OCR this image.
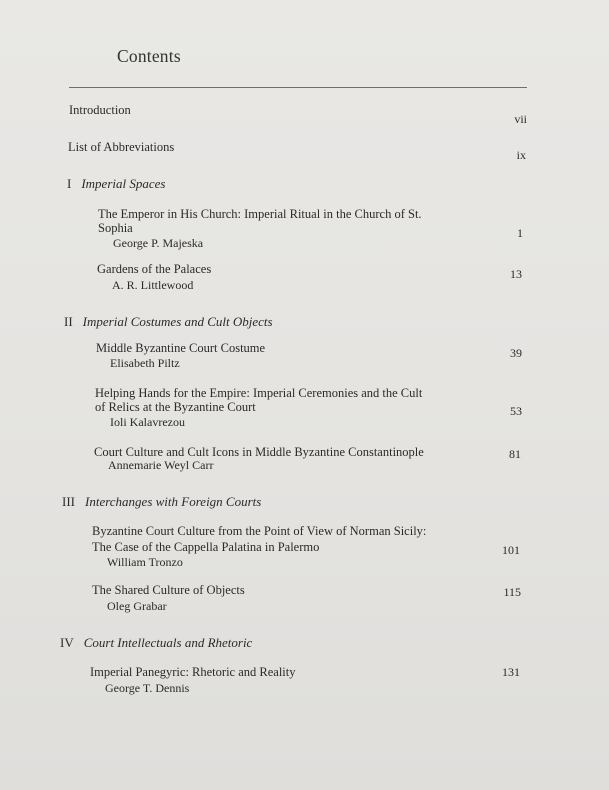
Contents
Introduction
vii
List of Abbreviations
ix
I Imperial Spaces
The Emperor in His Church: Imperial Ritual in the Church of St.
Sophia
George P. Majeska
1
Gardens of the Palaces
A. R. Littlewood
13
II Imperial Costumes and Cult Objects
Middle Byzantine Court Costume
Elisabeth Piltz
39
Helping Hands for the Empire: Imperial Ceremonies and the Cult
of Relics at the Byzantine Court
Ioli Kalavrezou
53
Court Culture and Cult Icons in Middle Byzantine Constantinople
Annemarie Weyl Carr
81
III Interchanges with Foreign Courts
Byzantine Court Culture from the Point of View of Norman Sicily:
The Case of the Cappella Palatina in Palermo
William Tronzo
101
The Shared Culture of Objects
Oleg Grabar
115
IV Court Intellectuals and Rhetoric
Imperial Panegyric: Rhetoric and Reality
George T. Dennis
131
